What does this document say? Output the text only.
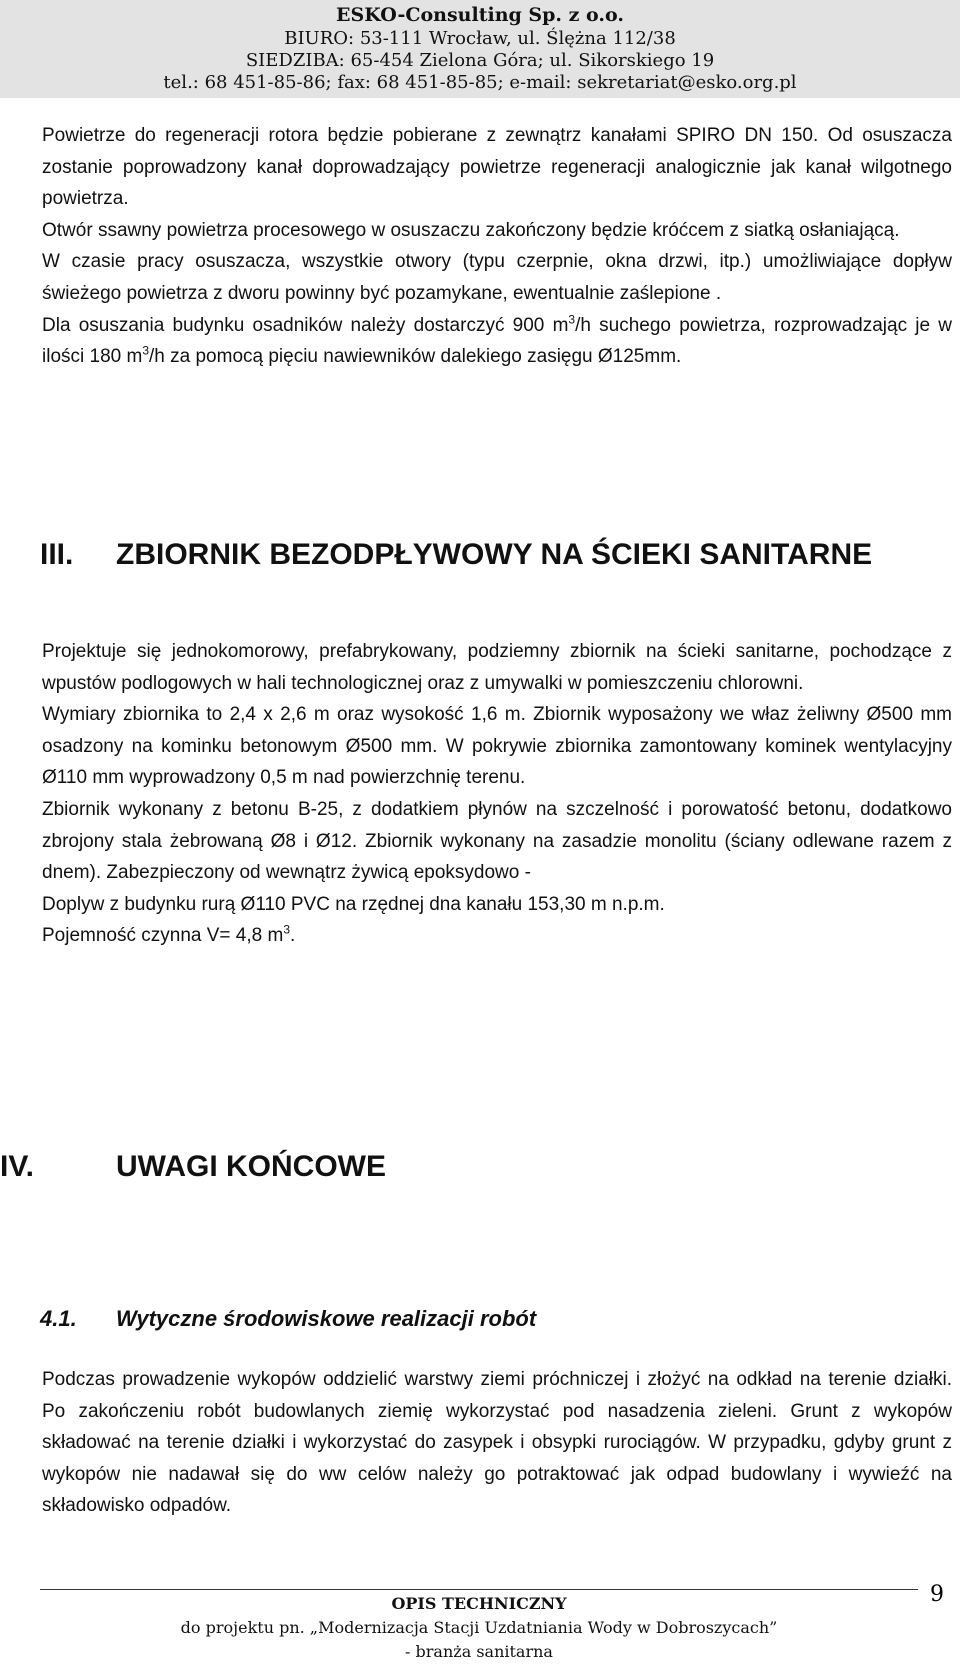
ESKO-Consulting Sp. z o.o.
BIURO: 53-111 Wrocław, ul. Ślężna 112/38
SIEDZIBA: 65-454 Zielona Góra; ul. Sikorskiego 19
tel.: 68 451-85-86; fax: 68 451-85-85; e-mail: sekretariat@esko.org.pl

Powietrze do regeneracji rotora będzie pobierane z zewnątrz kanałami SPIRO DN 150. Od osuszacza zostanie poprowadzony kanał doprowadzający powietrze regeneracji analogicznie jak kanał wilgotnego powietrza.

Otwór ssawny powietrza procesowego w osuszaczu zakończony będzie króćcem z siatką osłaniającą.

W czasie pracy osuszacza, wszystkie otwory (typu czerpnie, okna drzwi, itp.) umożliwiające dopływ świeżego powietrza z dworu powinny być pozamykane, ewentualnie zaślepione .

Dla osuszania budynku osadników należy dostarczyć 900 $m^3/h$ suchego powietrza, rozprowadzając je w ilości 180 $m^3/h$ za pomocą pięciu nawiewników dalekiego zasięgu Ø125mm.

III. ZBIORNIK BEZODPŁYWOWY NA ŚCIEKI SANITARNE

Projektuje się jednokomorowy, prefabrykowany, podziemny zbiornik na ścieki sanitarne, pochodzące z wpustów podlogowych w hali technologicznej oraz z umywalki w pomieszczeniu chlorowni.

Wymiary zbiornika to 2,4 x 2,6 m oraz wysokość 1,6 m. Zbiornik wyposażony we właz żeliwny Ø500 mm osadzony na kominku betonowym Ø500 mm. W pokrywie zbiornika zamontowany kominek wentylacyjny Ø110 mm wyprowadzony 0,5 m nad powierzchnię terenu.

Zbiornik wykonany z betonu B-25, z dodatkiem płynów na szczelność i porowatość betonu, dodatkowo zbrojony stala żebrowaną Ø8 i Ø12. Zbiornik wykonany na zasadzie monolitu (ściany odlewane razem z dnem). Zabezpieczony od wewnątrz żywicą epoksydowo -

Doplyw z budynku rurą Ø110 PVC na rzędnej dna kanału 153,30 m n.p.m.

Pojemność czynna V= 4,8 $m^3$.

IV.	UWAGI KOŃCOWE
4.1. Wytyczne środowiskowe realizacji robót

Podczas prowadzenie wykopów oddzielić warstwy ziemi próchniczej i złożyć na odkład na terenie działki. Po zakończeniu robót budowlanych ziemię wykorzystać pod nasadzenia zieleni. Grunt z wykopów składować na terenie działki i wykorzystać do zasypek i obsypki rurociągów. W przypadku, gdyby grunt z wykopów nie nadawał się do ww celów należy go potraktować jak odpad budowlany i wywieźć na składowisko odpadów.

OPIS TECHNICZNY
do projektu pn. „Modernizacja Stacji Uzdatniania Wody w Dobroszycach”
- branża sanitarna
9
